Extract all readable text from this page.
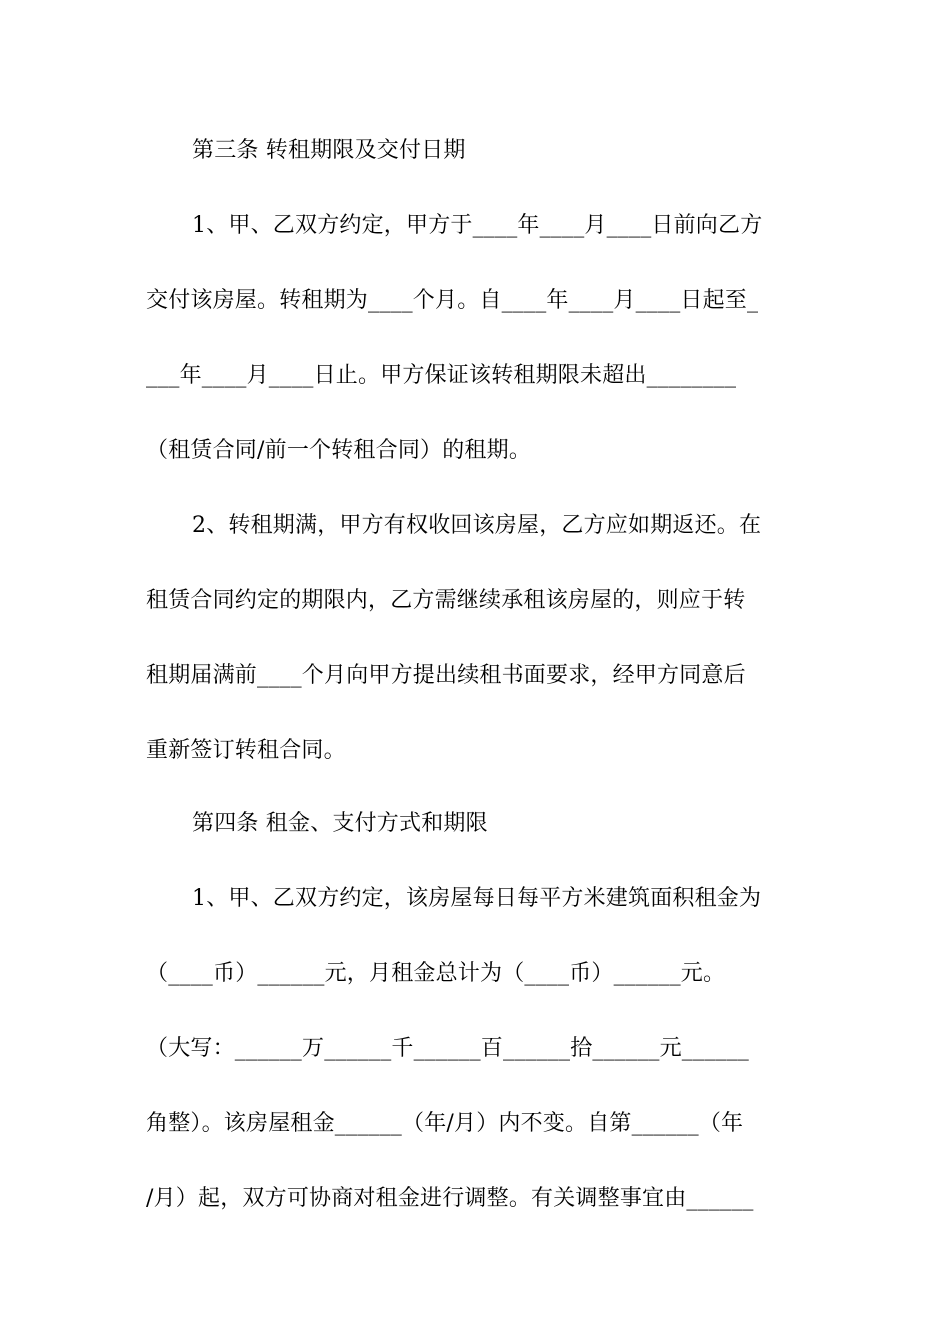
第三条 转租期限及交付日期
1、甲、乙双方约定，甲方于____年____月____日前向乙方
交付该房屋。转租期为____个月。自____年____月____日起至_
___年____月____日止。甲方保证该转租期限未超出________
（租赁合同/前一个转租合同）的租期。
2、转租期满，甲方有权收回该房屋，乙方应如期返还。在
租赁合同约定的期限内，乙方需继续承租该房屋的，则应于转
租期届满前____个月向甲方提出续租书面要求，经甲方同意后
重新签订转租合同。
第四条 租金、支付方式和期限
1、甲、乙双方约定，该房屋每日每平方米建筑面积租金为
（____币）______元，月租金总计为（____币）______元。
（大写：______万______千______百______拾______元______
角整）。该房屋租金______（年/月）内不变。自第______（年
/月）起，双方可协商对租金进行调整。有关调整事宜由______
